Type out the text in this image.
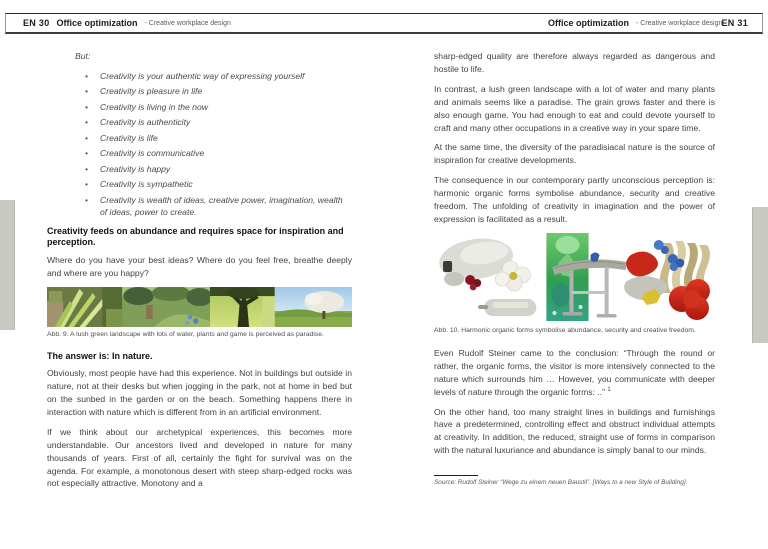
EN 30 Office optimization - Creative workplace design	Office optimization - Creative workplace design EN 31

But:

•	Creativity is your authentic way of expressing yourself
•	Creativity is pleasure in life
•	Creativity is living in the now
•	Creativity is authenticity
•	Creativity is life
•	Creativity is communicative
•	Creativity is happy
•	Creativity is sympathetic
•	Creativity is wealth of ideas, creative power, imagination, wealth of ideas, power to create.
Creativity feeds on abundance and requires space for inspiration and perception.

Where do you have your best ideas? Where do you feel free, breathe deeply and where are you happy?

Abb. 9. A lush green landscape with lots of water, plants and game is perceived as paradise.

The answer is: In nature.

Obviously, most people have had this experience. Not in buildings but outside in nature, not at their desks but when jogging in the park, not at home in bed but on the sunbed in the garden or on the beach. Something happens there in interaction with nature which is different from in an artificial environment.

If we think about our archetypical experiences, this becomes more understandable. Our ancestors lived and developed in nature for many thousands of years. First of all, certainly the fight for survival was on the agenda. For example, a monotonous desert with steep sharp-edged rocks was not especially attractive. Monotony and a

sharp-edged quality are therefore always regarded as dangerous and hostile to life.

In contrast, a lush green landscape with a lot of water and many plants and animals seems like a paradise. The grain grows faster and there is also enough game. You had enough to eat and could devote yourself to craft and many other occupations in a creative way in your spare time.

At the same time, the diversity of the paradisiacal nature is the source of inspiration for creative developments.

The consequence in our contemporary partly unconscious perception is: harmonic organic forms symbolise abundance, security and creative freedom. The unfolding of creativity in imagination and the power of expression is facilitated as a result.

Abb. 10. Harmonic organic forms symbolise abundance, security and creative freedom.

Even Rudolf Steiner came to the conclusion: “Through the round or rather, the organic forms, the visitor is more intensively connected to the nature which surrounds him … However, you communicate with deeper levels of nature through the organic forms: ..” $^1$

On the other hand, too many straight lines in buildings and furnishings have a predetermined, controlling effect and obstruct individual attempts at creativity. In addition, the reduced, straight use of forms in comparison with the natural luxuriance and abundance is simply banal to our minds.

Source: Rudolf Steiner “Wege zu einem neuen Baustil”. [Ways to a new Style of Building].
